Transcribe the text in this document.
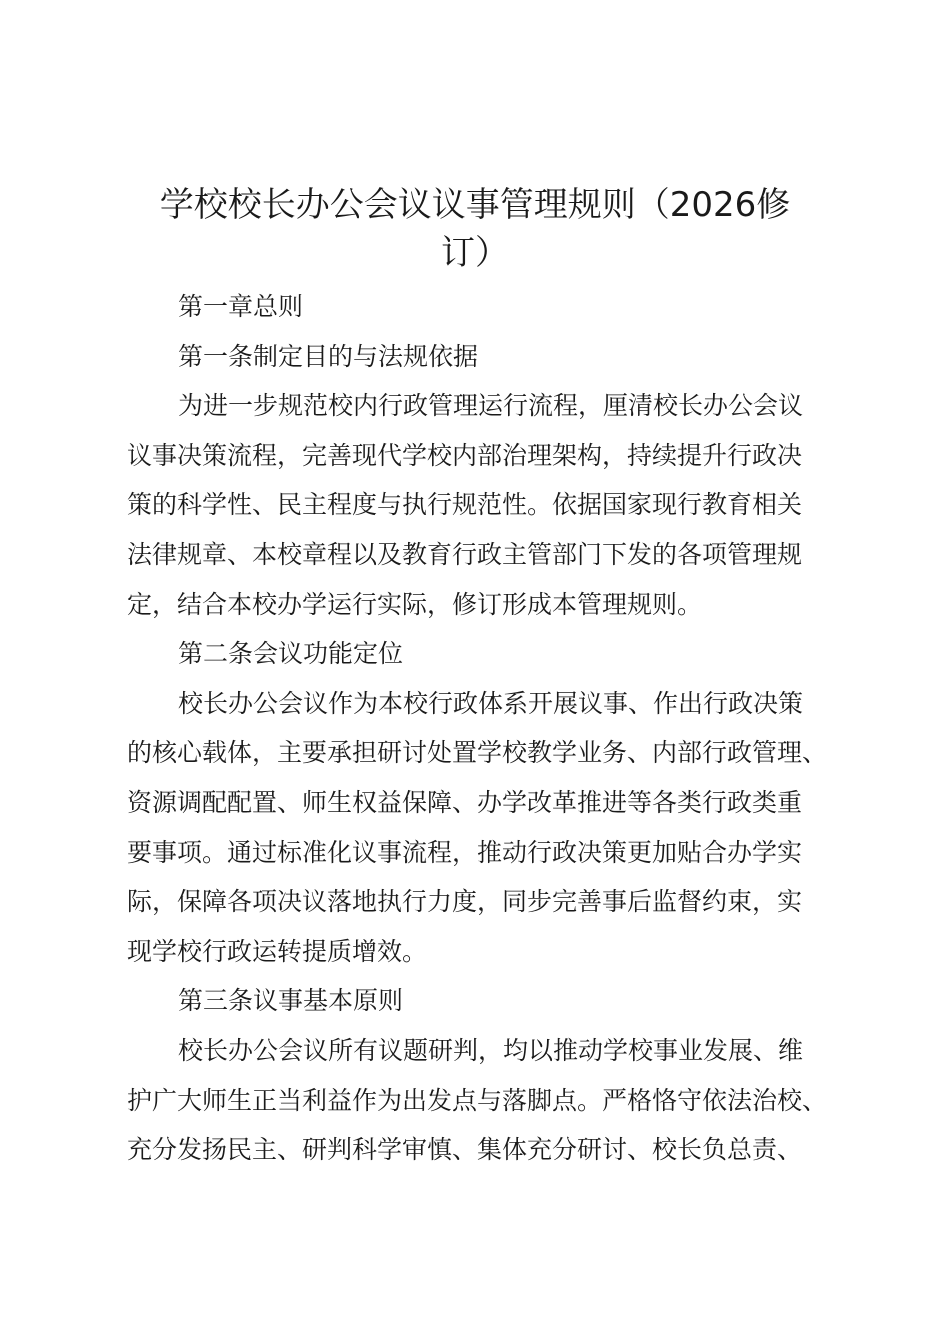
学校校长办公会议议事管理规则（2026修
订）
第一章总则
第一条制定目的与法规依据
为进一步规范校内行政管理运行流程，厘清校长办公会议
议事决策流程，完善现代学校内部治理架构，持续提升行政决
策的科学性、民主程度与执行规范性。依据国家现行教育相关
法律规章、本校章程以及教育行政主管部门下发的各项管理规
定，结合本校办学运行实际，修订形成本管理规则。
第二条会议功能定位
校长办公会议作为本校行政体系开展议事、作出行政决策
的核心载体，主要承担研讨处置学校教学业务、内部行政管理、
资源调配配置、师生权益保障、办学改革推进等各类行政类重
要事项。通过标准化议事流程，推动行政决策更加贴合办学实
际，保障各项决议落地执行力度，同步完善事后监督约束，实
现学校行政运转提质增效。
第三条议事基本原则
校长办公会议所有议题研判，均以推动学校事业发展、维
护广大师生正当利益作为出发点与落脚点。严格恪守依法治校、
充分发扬民主、研判科学审慎、集体充分研讨、校长负总责、
